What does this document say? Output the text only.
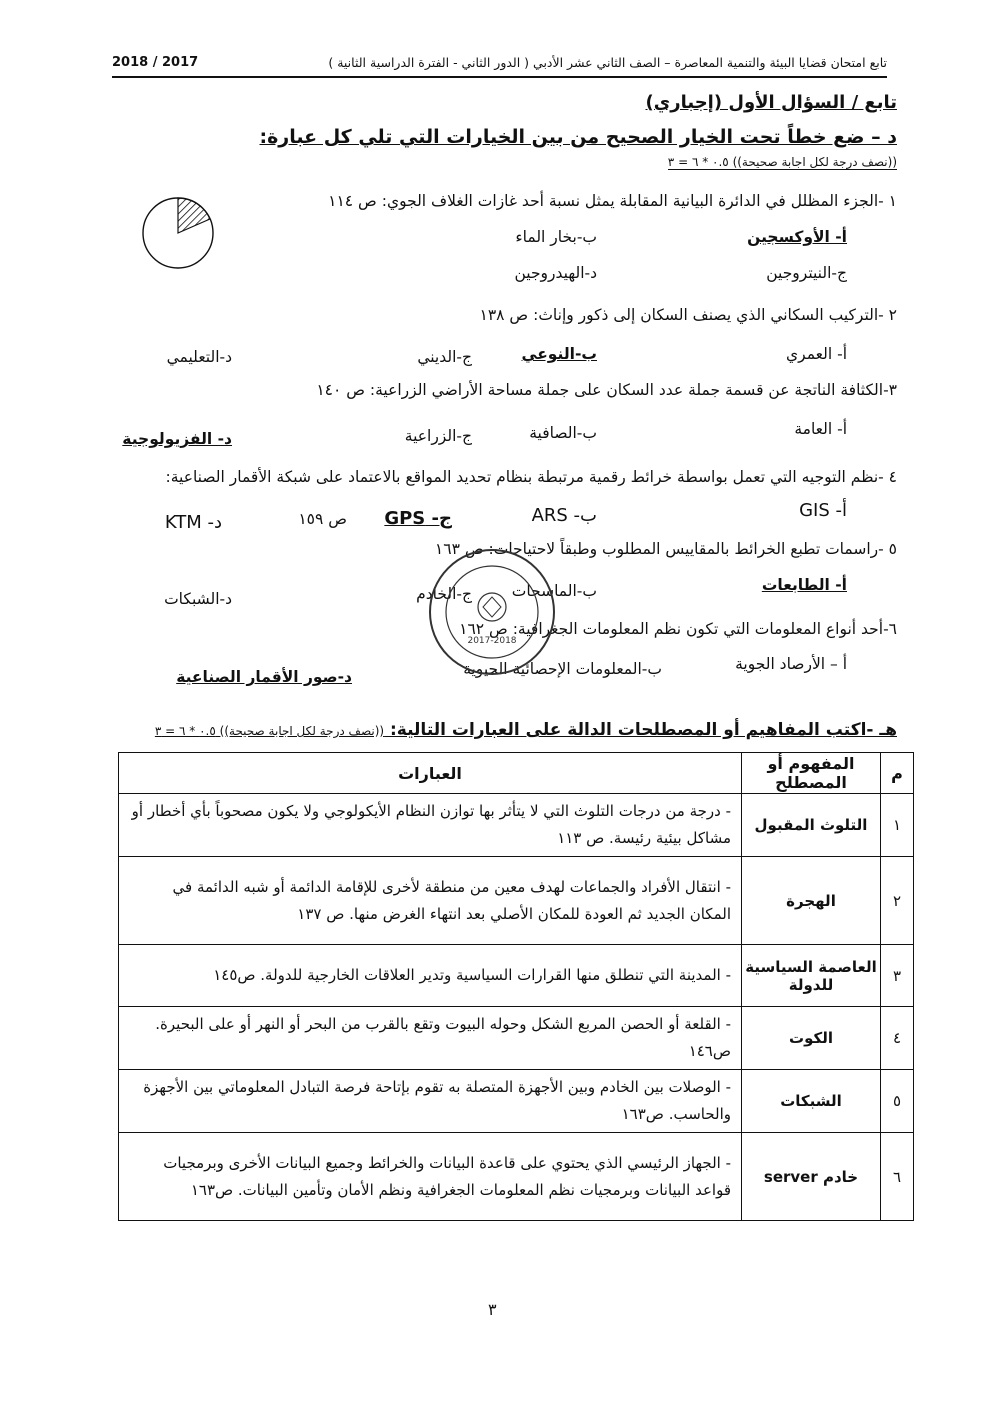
تابع امتحان قضايا البيئة والتنمية المعاصرة – الصف الثاني عشر الأدبي ( الدور الثاني - الفترة الدراسية الثانية )
2018 / 2017
تابع / السؤال الأول (إجباري)
د – ضع خطاً تحت الخيار الصحيح من بين الخيارات التي تلي كل عبارة:
((نصف درجة لكل اجابة صحيحة)) ٠.٥ * ٦ = ٣
١ -الجزء المظلل في الدائرة البيانية المقابلة يمثل نسبة أحد غازات الغلاف الجوي: ص ١١٤
أ- الأوكسجين
ب-بخار الماء
ج-النيتروجين
د-الهيدروجين
٢ -التركيب السكاني الذي يصنف السكان إلى ذكور وإناث: ص ١٣٨
أ- العمري
ب-النوعي
ج-الديني
د-التعليمي
٣-الكثافة الناتجة عن قسمة جملة عدد السكان على جملة مساحة الأراضي الزراعية: ص ١٤٠
أ- العامة
ب-الصافية
ج-الزراعية
د- الفزيولوجية
٤ -نظم التوجيه التي تعمل بواسطة خرائط رقمية مرتبطة بنظام تحديد المواقع بالاعتماد على شبكة الأقمار الصناعية:
أ- GIS
ب- ARS
ج- GPS
ص ١٥٩
د- KTM
٥ -راسمات تطبع الخرائط بالمقاييس المطلوب وطبقاً لاحتياجات: ص ١٦٣
أ- الطابعات
ب-الماسحات
ج-الخادم
د-الشبكات
٦-أحد أنواع المعلومات التي تكون نظم المعلومات الجغرافية: ص ١٦٢
أ – الأرصاد الجوية
ب-المعلومات الإحصائية الحيوية
د-صور الأقمار الصناعية
2017-2018
هـ -اكتب المفاهيم أو المصطلحات الدالة على العبارات التالية: ((نصف درجة لكل اجابة صحيحة)) ٠.٥ * ٦ = ٣
م	المفهوم أو المصطلح	العبارات
١	التلوث المقبول	- درجة من درجات التلوث التي لا يتأثر بها توازن النظام الأيكولوجي ولا يكون مصحوباً بأي أخطار أو مشاكل بيئية رئيسة. ص ١١٣
٢	الهجرة	- انتقال الأفراد والجماعات لهدف معين من منطقة لأخرى للإقامة الدائمة أو شبه الدائمة في المكان الجديد ثم العودة للمكان الأصلي بعد انتهاء الغرض منها. ص ١٣٧
٣	العاصمة السياسية للدولة	- المدينة التي تنطلق منها القرارات السياسية وتدير العلاقات الخارجية للدولة. ص١٤٥
٤	الكوت	- القلعة أو الحصن المربع الشكل وحوله البيوت وتقع بالقرب من البحر أو النهر أو على البحيرة. ص١٤٦
٥	الشبكات	- الوصلات بين الخادم وبين الأجهزة المتصلة به تقوم بإتاحة فرصة التبادل المعلوماتي بين الأجهزة والحاسب. ص١٦٣
٦	خادم server	- الجهاز الرئيسي الذي يحتوي على قاعدة البيانات والخرائط وجميع البيانات الأخرى وبرمجيات قواعد البيانات وبرمجيات نظم المعلومات الجغرافية ونظم الأمان وتأمين البيانات. ص١٦٣
٣
